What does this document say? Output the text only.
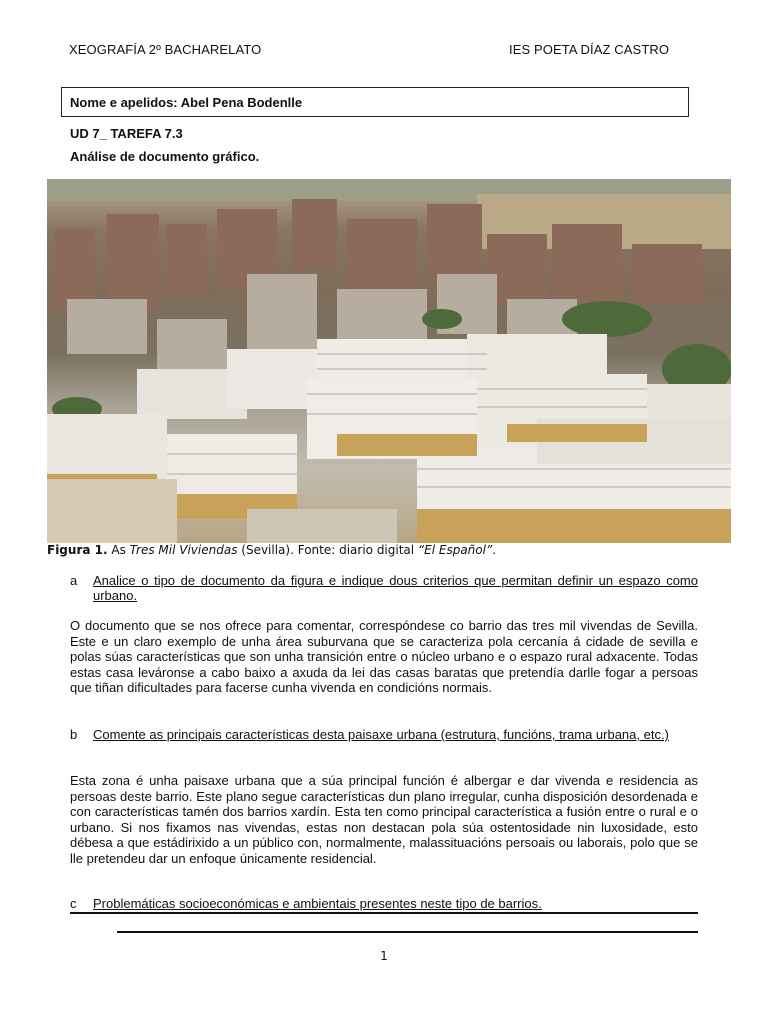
XEOGRAFÍA 2º BACHARELATO	IES POETA DÍAZ CASTRO
Nome e apelidos: Abel Pena Bodenlle
UD 7_ TAREFA 7.3
Análise de documento gráfico.
Figura 1. As Tres Mil Viviendas (Sevilla). Fonte: diario digital “El Español”.
a Analice o tipo de documento da figura e indique dous criterios que permitan definir un espazo como urbano.
O documento que se nos ofrece para comentar, correspóndese co barrio das tres mil vivendas de Sevilla. Este e un claro exemplo de unha área suburvana que se caracteriza pola cercanía á cidade de sevilla e polas súas características que son unha transición entre o núcleo urbano e o espazo rural adxacente. Todas estas casa leváronse a cabo baixo a axuda da lei das casas baratas que pretendía darlle fogar a persoas que tiñan dificultades para facerse cunha vivenda en condicións normais.
b Comente as principais características desta paisaxe urbana (estrutura, funcións, trama urbana, etc.)
Esta zona é unha paisaxe urbana que a súa principal función é albergar e dar vivenda e residencia as persoas deste barrio. Este plano segue características dun plano irregular, cunha disposición desordenada e con características tamén dos barrios xardín. Esta ten como principal característica a fusión entre o rural e o urbano. Si nos fixamos nas vivendas, estas non destacan pola súa ostentosidade nin luxosidade, esto débesa a que estádirixido a un público con, normalmente, malassituacións persoais ou laborais, polo que se lle pretendeu dar un enfoque únicamente residencial.
c Problemáticas socioeconómicas e ambientais presentes neste tipo de barrios.
1
